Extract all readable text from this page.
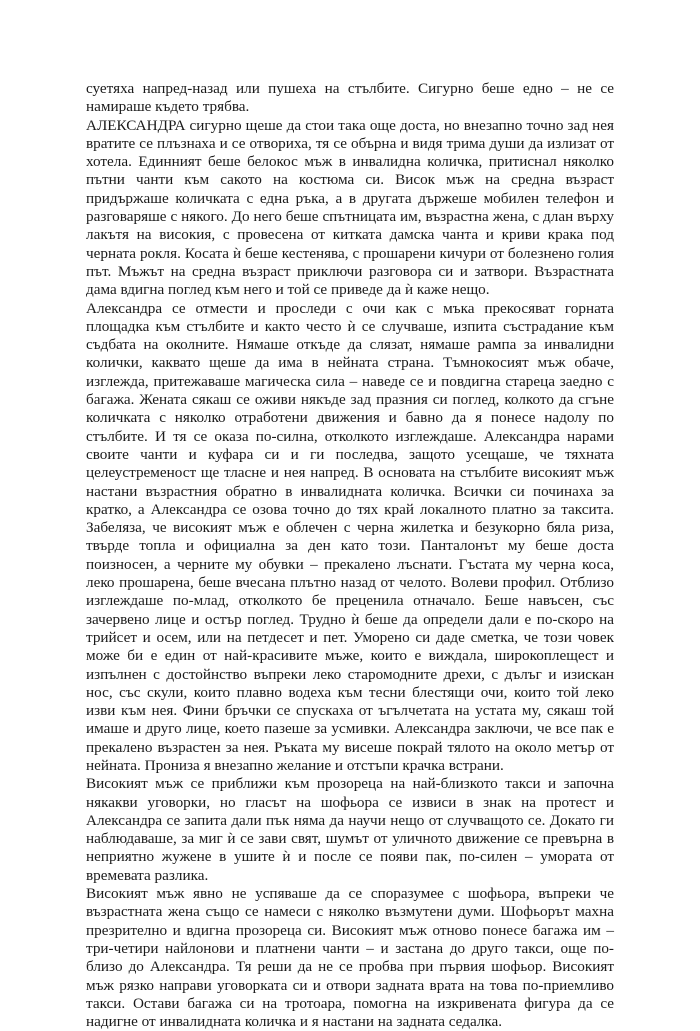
суетяха напред-назад или пушеха на стълбите. Сигурно беше едно – не се намираше където трябва.

АЛЕКСАНДРА сигурно щеше да стои така още доста, но внезапно точно зад нея вратите се плъзнаха и се отвориха, тя се обърна и видя трима души да излизат от хотела. Единният беше белокос мъж в инвалидна количка, притиснал няколко пътни чанти към сакото на костюма си. Висок мъж на средна възраст придържаше количката с една ръка, а в другата държеше мобилен телефон и разговаряше с някого. До него беше спътницата им, възрастна жена, с длан върху лакътя на високия, с провесена от китката дамска чанта и криви крака под черната рокля. Косата ѝ беше кестенява, с прошарени кичури от болезнено голия път. Мъжът на средна възраст приключи разговора си и затвори. Възрастната дама вдигна поглед към него и той се приведе да ѝ каже нещо.

Александра се отмести и проследи с очи как с мъка прекосяват горната площадка към стълбите и както често ѝ се случваше, изпита състрадание към съдбата на околните. Нямаше откъде да слязат, нямаше рампа за инвалидни колички, каквато щеше да има в нейната страна. Тъмнокосият мъж обаче, изглежда, притежаваше магическа сила – наведе се и повдигна стареца заедно с багажа. Жената сякаш се оживи някъде зад празния си поглед, колкото да сгъне количката с няколко отработени движения и бавно да я понесе надолу по стълбите. И тя се оказа по-силна, отколкото изглеждаше. Александра нарами своите чанти и куфара си и ги последва, защото усещаше, че тяхната целеустременост ще тласне и нея напред. В основата на стълбите високият мъж настани възрастния обратно в инвалидната количка. Всички си починаха за кратко, а Александра се озова точно до тях край локалното платно за таксита. Забеляза, че високият мъж е облечен с черна жилетка и безукорно бяла риза, твърде топла и официална за ден като този. Панталонът му беше доста поизносен, а черните му обувки – прекалено лъснати. Гъстата му черна коса, леко прошарена, беше вчесана плътно назад от челото. Волеви профил. Отблизо изглеждаше по-млад, отколкото бе преценила отначало. Беше навъсен, със зачервено лице и остър поглед. Трудно ѝ беше да определи дали е по-скоро на трийсет и осем, или на петдесет и пет. Уморено си даде сметка, че този човек може би е един от най-красивите мъже, които е виждала, широкоплещест и изпълнен с достойнство въпреки леко старомодните дрехи, с дълъг и изискан нос, със скули, които плавно водеха към тесни блестящи очи, които той леко изви към нея. Фини бръчки се спускаха от ъгълчетата на устата му, сякаш той имаше и друго лице, което пазеше за усмивки. Александра заключи, че все пак е прекалено възрастен за нея. Ръката му висеше покрай тялото на около метър от нейната. Прониза я внезапно желание и отстъпи крачка встрани.

Високият мъж се приближи към прозореца на най-близкото такси и започна някакви уговорки, но гласът на шофьора се извиси в знак на протест и Александра се запита дали пък няма да научи нещо от случващото се. Докато ги наблюдаваше, за миг ѝ се зави свят, шумът от уличното движение се превърна в неприятно жужене в ушите ѝ и после се появи пак, по-силен – умората от времевата разлика.

Високият мъж явно не успяваше да се споразумее с шофьора, въпреки че възрастната жена също се намеси с няколко възмутени думи. Шофьорът махна презрително и вдигна прозореца си. Високият мъж отново понесе багажа им – три-четири найлонови и платнени чанти – и застана до друго такси, още по-близо до Александра. Тя реши да не се пробва при първия шофьор. Високият мъж рязко направи уговорката си и отвори задната врата на това по-приемливо такси. Остави багажа си на тротоара, помогна на изкривената фигура да се надигне от инвалидната количка и я настани на задната седалка.
